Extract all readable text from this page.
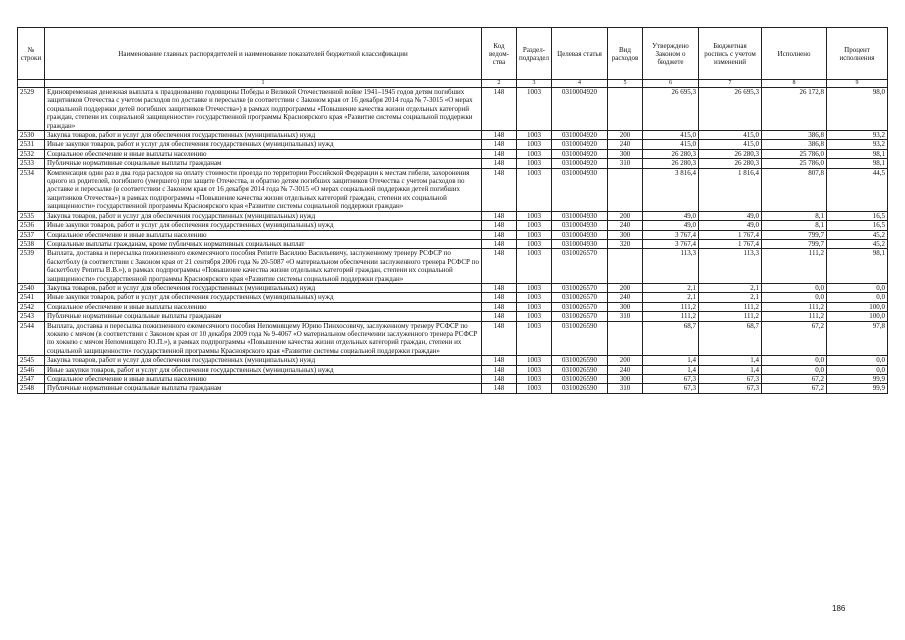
№ строки	Наименование главных распорядителей и наименование показателей бюджетной классификации	Код ведом-ства	Раздел-подраздел	Целевая статья	Вид расходов	Утверждено Законом о бюджете	Бюджетная роспись с учетом изменений	Исполнено	Процент исполнения
	1	2	3	4	5	6	7	8	9
2529	Единовременная денежная выплата к празднованию годовщины Победы в Великой Отечественной войне 1941–1945 годов детям погибших защитников Отечества с учетом расходов по доставке и пересылке (в соответствии с Законом края от 16 декабря 2014 года № 7-3015 «О мерах социальной поддержки детей погибших защитников Отечества») в рамках подпрограммы «Повышение качества жизни отдельных категорий граждан, степени их социальной защищенности» государственной программы Красноярского края «Развитие системы социальной поддержки граждан»	148	1003	0310004920		26 695,3	26 695,3	26 172,8	98,0
2530	Закупка товаров, работ и услуг для обеспечения государственных (муниципальных) нужд	148	1003	0310004920	200	415,0	415,0	386,8	93,2
2531	Иные закупки товаров, работ и услуг для обеспечения государственных (муниципальных) нужд	148	1003	0310004920	240	415,0	415,0	386,8	93,2
2532	Социальное обеспечение и иные выплаты населению	148	1003	0310004920	300	26 280,3	26 280,3	25 786,0	98,1
2533	Публичные нормативные социальные выплаты гражданам	148	1003	0310004920	310	26 280,3	26 280,3	25 786,0	98,1
2534	Компенсация один раз в два года расходов на оплату стоимости проезда по территории Российской Федерации к местам гибели, захоронения одного из родителей, погибшего (умершего) при защите Отечества, и обратно детям погибших защитников Отечества с учетом расходов по доставке и пересылке (в соответствии с Законом края от 16 декабря 2014 года № 7-3015 «О мерах социальной поддержки детей погибших защитников Отечества») в рамках подпрограммы «Повышение качества жизни отдельных категорий граждан, степени их социальной защищенности» государственной программы Красноярского края «Развитие системы социальной поддержки граждан»	148	1003	0310004930		3 816,4	1 816,4	807,8	44,5
2535	Закупка товаров, работ и услуг для обеспечения государственных (муниципальных) нужд	148	1003	0310004930	200	49,0	49,0	8,1	16,5
2536	Иные закупки товаров, работ и услуг для обеспечения государственных (муниципальных) нужд	148	1003	0310004930	240	49,0	49,0	8,1	16,5
2537	Социальное обеспечение и иные выплаты населению	148	1003	0310004930	300	3 767,4	1 767,4	799,7	45,2
2538	Социальные выплаты гражданам, кроме публичных нормативных социальных выплат	148	1003	0310004930	320	3 767,4	1 767,4	799,7	45,2
2539	Выплата, доставка и пересылка пожизненного ежемесячного пособия Репите Василию Васильевичу, заслуженному тренеру РСФСР по баскетболу (в соответствии с Законом края от 21 сентября 2006 года № 20-5087 «О материальном обеспечении заслуженного тренера РСФСР по баскетболу Репиты В.В.»), в рамках подпрограммы «Повышение качества жизни отдельных категорий граждан, степени их социальной защищенности» государственной программы Красноярского края «Развитие системы социальной поддержки граждан»	148	1003	0310026570		113,3	113,3	111,2	98,1
2540	Закупка товаров, работ и услуг для обеспечения государственных (муниципальных) нужд	148	1003	0310026570	200	2,1	2,1	0,0	0,0
2541	Иные закупки товаров, работ и услуг для обеспечения государственных (муниципальных) нужд	148	1003	0310026570	240	2,1	2,1	0,0	0,0
2542	Социальное обеспечение и иные выплаты населению	148	1003	0310026570	300	111,2	111,2	111,2	100,0
2543	Публичные нормативные социальные выплаты гражданам	148	1003	0310026570	310	111,2	111,2	111,2	100,0
2544	Выплата, доставка и пересылка пожизненного ежемесячного пособия Непомнящему Юрию Пинхосовичу, заслуженному тренеру РСФСР по хоккею с мячом (в соответствии с Законом края от 10 декабря 2009 года № 9-4067 «О материальном обеспечении заслуженного тренера РСФСР по хоккею с мячом Непомнящего Ю.П.»), в рамках подпрограммы «Повышение качества жизни отдельных категорий граждан, степени их социальной защищенности» государственной программы Красноярского края «Развитие системы социальной поддержки граждан»	148	1003	0310026590		68,7	68,7	67,2	97,8
2545	Закупка товаров, работ и услуг для обеспечения государственных (муниципальных) нужд	148	1003	0310026590	200	1,4	1,4	0,0	0,0
2546	Иные закупки товаров, работ и услуг для обеспечения государственных (муниципальных) нужд	148	1003	0310026590	240	1,4	1,4	0,0	0,0
2547	Социальное обеспечение и иные выплаты населению	148	1003	0310026590	300	67,3	67,3	67,2	99,9
2548	Публичные нормативные социальные выплаты гражданам	148	1003	0310026590	310	67,3	67,3	67,2	99,9
186
